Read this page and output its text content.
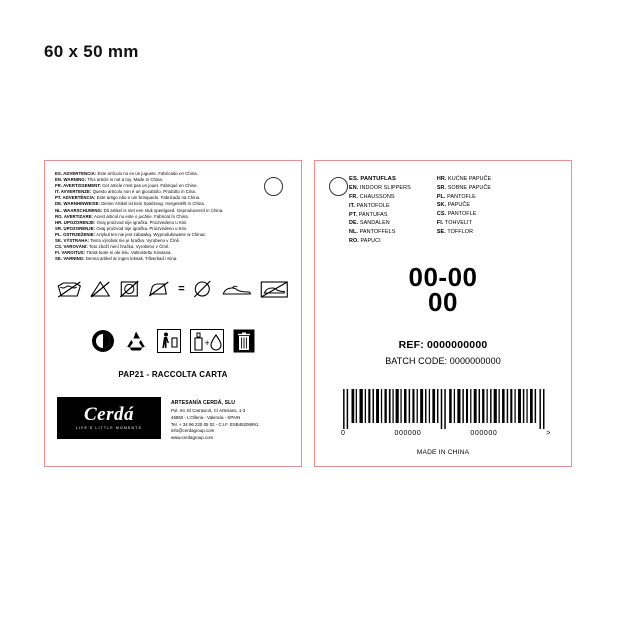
60 x 50 mm
ES. ADVERTENCIA: Este artículo no es un juguete. Fabricado en China.
EN. WARNING: This article is not a toy. Made in China.
FR. AVERTISSEMENT: Cet article n'est pas un jouet. Fabriqué en Chine.
IT. AVVERTENZE: Questo articolo non è un giocattolo. Prodotto in Cina.
PT. ADVERTÊNCIA: Este artigo não e um brinquedo. Fabricado na China.
DE. WARNHINWEISE: Dieser Artikel ist kein Spielzeug. Hergestellt in China.
NL. WAARSCHUWING: Dit artikel is niet een stuk speelgoed. Geproduceerd in China.
RO. AVERTIZARE: Acest articol nu este o jucărie. Fabricat în China.
HR. UPOZORENJE: Ovaj proizvod nije igračka. Proizvedeno u Kini.
SR. UPOZORENJE: Ovaj proizvod nije igračka. Proizvedeno u Kini.
PL. OSTRZEŻENIE: Artykuł ten nie jest zabawką. Wyprodukowane w Chinac.
SK. VÝSTRAHA: Tento výrobok nie je hračka. Vyrobeno v Číně.
CS. VAROVÁNÍ: Toto zboží není hračka. Vyrobeno v Číně.
FI. VAROITUS: Tämä tuote ei ole lelu. Valmistettu Kiinassa.
SE. VARNING: Denna artikel är ingen leksak. Tillverkad i Kina.
=
+
PAP21 - RACCOLTA CARTA
Cerdá
LIFE'S LITTLE MOMENTS
ARTESANÍA CERDÁ, SLU
Pol. Int. El Carrascot, C/ Artesans, 1-3
46850 - L'Olleria - Valencia - SPAIN
Tel. + 34 96 220 05 02 - C.I.F. ESB46206991
info@cerdagroup.com
www.cerdagroup.com
ES. PANTUFLAS
EN. INDOOR SLIPPERS
FR. CHAUSSONS
IT. PANTOFOLE
PT. PANTUFAS
DE. SANDALEN
NL. PANTOFFELS
RO. PAPUCI
HR. KUĆNE PAPUČE
SR. SOBNE PAPUČE
PL. PANTOFLE
SK. PAPUČE
CS. PANTOFLE
FI. TOHVELIT
SE. TOFFLOR
00-00
00
REF: 0000000000
BATCH CODE: 0000000000
0	000000	000000	>
MADE IN CHINA
